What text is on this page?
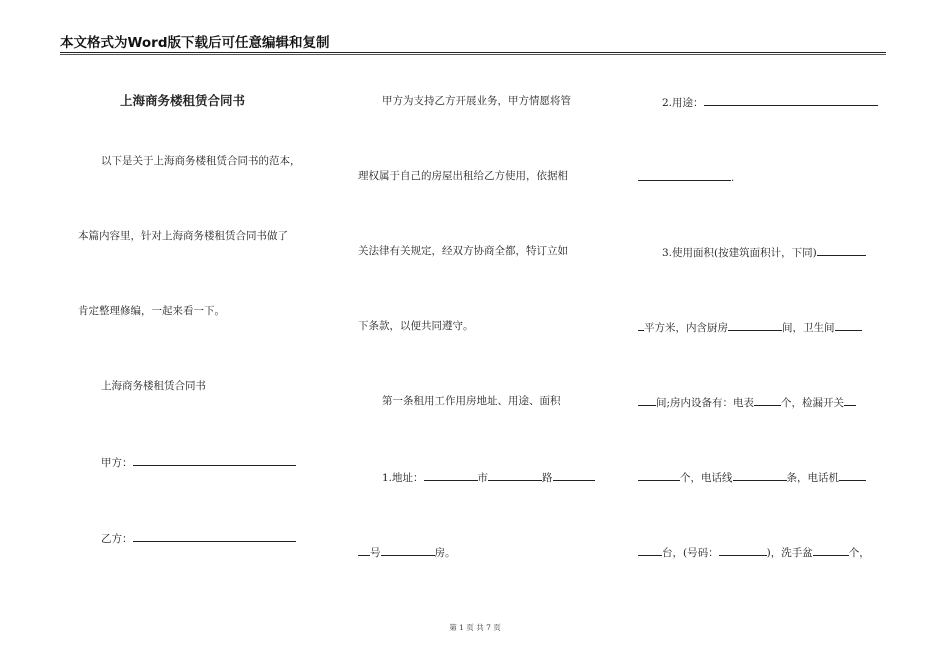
本文格式为Word版下载后可任意编辑和复制
上海商务楼租赁合同书
以下是关于上海商务楼租赁合同书的范本，
本篇内容里，针对上海商务楼租赁合同书做了
肯定整理修编，一起来看一下。
上海商务楼租赁合同书
甲方：
乙方：
甲方为支持乙方开展业务，甲方情愿将管
理权属于自己的房屋出租给乙方使用，依据相
关法律有关规定，经双方协商全都，特订立如
下条款，以便共同遵守。
第一条租用工作用房地址、用途、面积
1.地址：	市	路
号	房。
2.用途：
.
3.使用面积(按建筑面积计，下同)
平方米，内含厨房	间，卫生间
间;房内设备有：电表	个，检漏开关
个，电话线	条，电话机
台，(号码：	)，洗手盆	个，
第 1 页 共 7 页
